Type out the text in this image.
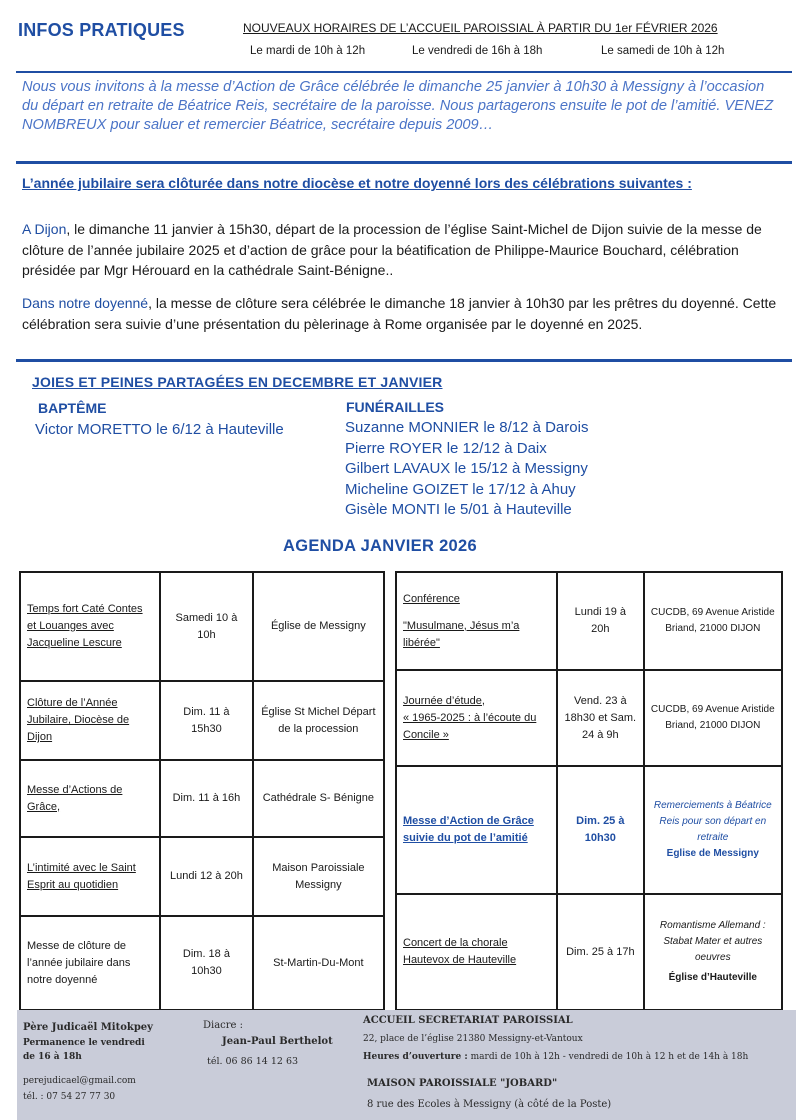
INFOS PRATIQUES	NOUVEAUX HORAIRES DE L’ACCUEIL PAROISSIAL À PARTIR DU 1er FÉVRIER 2026
Le mardi de 10h à 12h	Le vendredi de 16h à 18h	Le samedi de 10h à 12h
Nous vous invitons à la messe d’Action de Grâce célébrée le dimanche 25 janvier à 10h30 à Messigny à l’occasion du départ en retraite de Béatrice Reis, secrétaire de la paroisse. Nous partagerons ensuite le pot de l’amitié. VENEZ NOMBREUX pour saluer et remercier Béatrice, secrétaire depuis 2009…
L’année jubilaire sera clôturée dans notre diocèse et notre doyenné lors des célébrations suivantes :
A Dijon, le dimanche 11 janvier à 15h30, départ de la procession de l’église Saint-Michel de Dijon suivie de la messe de clôture de l’année jubilaire 2025 et d’action de grâce pour la béatification de Philippe-Maurice Bouchard, célébration présidée par Mgr Hérouard en la cathédrale Saint-Bénigne..
Dans notre doyenné, la messe de clôture sera célébrée le dimanche 18 janvier à 10h30 par les prêtres du doyenné. Cette célébration sera suivie d’une présentation du pèlerinage à Rome organisée par le doyenné en 2025.
JOIES ET PEINES PARTAGÉES EN DECEMBRE ET JANVIER
BAPTÊME
Victor MORETTO le 6/12 à Hauteville
FUNÉRAILLES
Suzanne MONNIER le 8/12 à Darois
Pierre ROYER le 12/12 à Daix
Gilbert LAVAUX le 15/12 à Messigny
Micheline GOIZET le 17/12 à Ahuy
Gisèle MONTI le 5/01 à Hauteville
AGENDA JANVIER 2026
Temps fort Caté Contes et Louanges avec Jacqueline Lescure	Samedi 10 à 10h	Église de Messigny
Clôture de l’Année Jubilaire, Diocèse de Dijon	Dim. 11 à 15h30	Église St Michel Départ de la procession
Messe d’Actions de Grâce,	Dim. 11 à 16h	Cathédrale S- Bénigne
L’intimité avec le Saint Esprit au quotidien	Lundi 12 à 20h	Maison Paroissiale Messigny
Messe de clôture de l’année jubilaire dans notre doyenné	Dim. 18 à 10h30	St-Martin-Du-Mont
Conférence
"Musulmane, Jésus m’a libérée"	Lundi 19 à 20h	CUCDB, 69 Avenue Aristide Briand, 21000 DIJON

Journée d’étude,
« 1965-2025 : à l’écoute du Concile »	Vend. 23 à 18h30 et Sam. 24 à 9h	CUCDB, 69 Avenue Aristide Briand, 21000 DIJON
Messe d’Action de Grâce suivie du pot de l’amitié	Dim. 25 à 10h30	Remerciements à Béatrice Reis pour son départ en retraite
Eglise de Messigny

Concert de la chorale Hautevox de Hauteville	Dim. 25 à 17h	Romantisme Allemand : Stabat Mater et autres oeuvres
Église d’Hauteville
Père Judicaël Mitokpey
Permanence le vendredi
de 16 à 18h
perejudicael@gmail.com
tél. : 07 54 27 77 30
Diacre :
Jean-Paul Berthelot
tél. 06 86 14 12 63
ACCUEIL SECRETARIAT PAROISSIAL
22, place de l’église 21380 Messigny-et-Vantoux
Heures d’ouverture : mardi de 10h à 12h - vendredi de 10h à 12 h et de 14h à 18h
MAISON PAROISSIALE "JOBARD"
8 rue des Ecoles à Messigny (à côté de la Poste)
